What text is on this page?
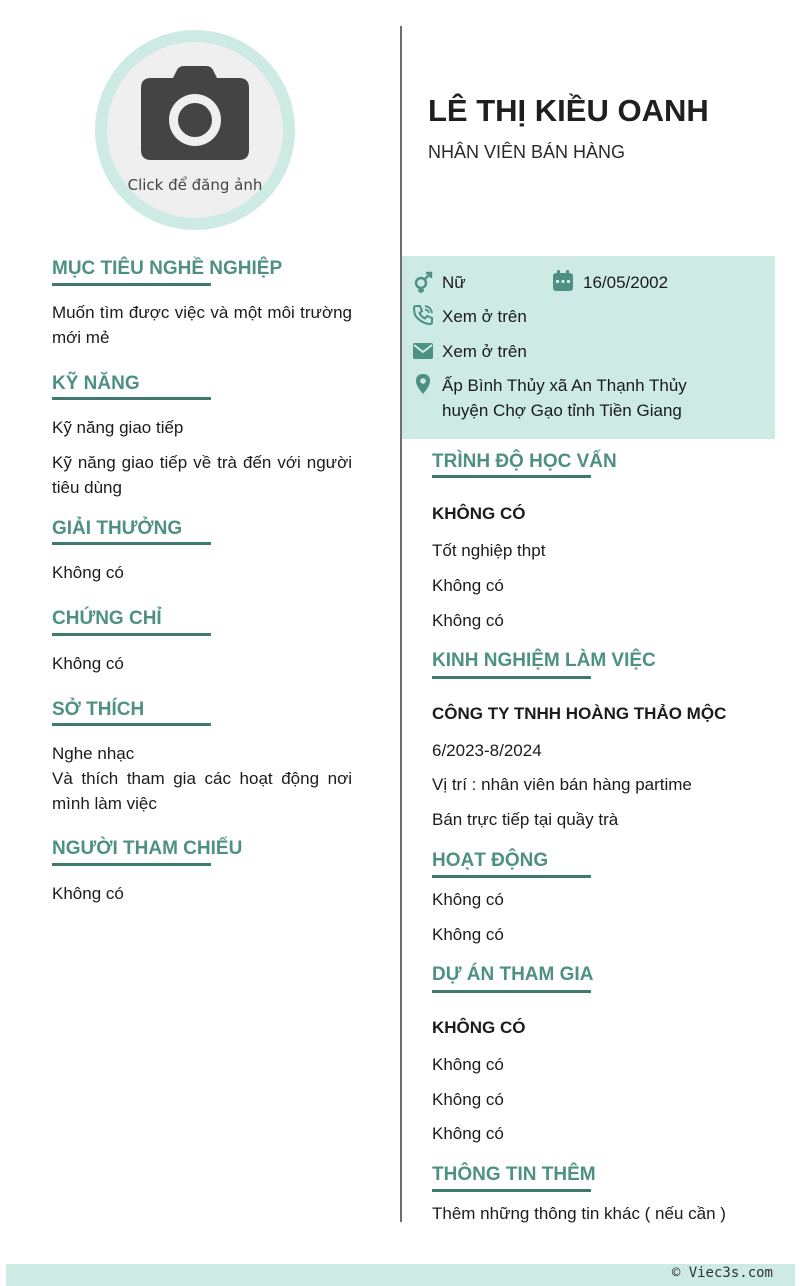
Click để đăng ảnh
LÊ THỊ KIỀU OANH
NHÂN VIÊN BÁN HÀNG
Nữ	16/05/2002
Xem ở trên
Xem ở trên
Ấp Bình Thủy xã An Thạnh Thủy
huyện Chợ Gạo tỉnh Tiền Giang
MỤC TIÊU NGHỀ NGHIỆP
Muốn tìm được việc và một môi trường
mới mẻ
KỸ NĂNG
Kỹ năng giao tiếp
Kỹ năng giao tiếp về trà đến với người
tiêu dùng
GIẢI THƯỞNG
Không có
CHỨNG CHỈ
Không có
SỞ THÍCH
Nghe nhạc
Và thích tham gia các hoạt động nơi
mình làm việc
NGƯỜI THAM CHIẾU
Không có
TRÌNH ĐỘ HỌC VẤN
KHÔNG CÓ
Tốt nghiệp thpt
Không có
Không có
KINH NGHIỆM LÀM VIỆC
CÔNG TY TNHH HOÀNG THẢO MỘC
6/2023-8/2024
Vị trí : nhân viên bán hàng partime
Bán trực tiếp tại quầy trà
HOẠT ĐỘNG
Không có
Không có
DỰ ÁN THAM GIA
KHÔNG CÓ
Không có
Không có
Không có
THÔNG TIN THÊM
Thêm những thông tin khác ( nếu cần )
© Viec3s.com
